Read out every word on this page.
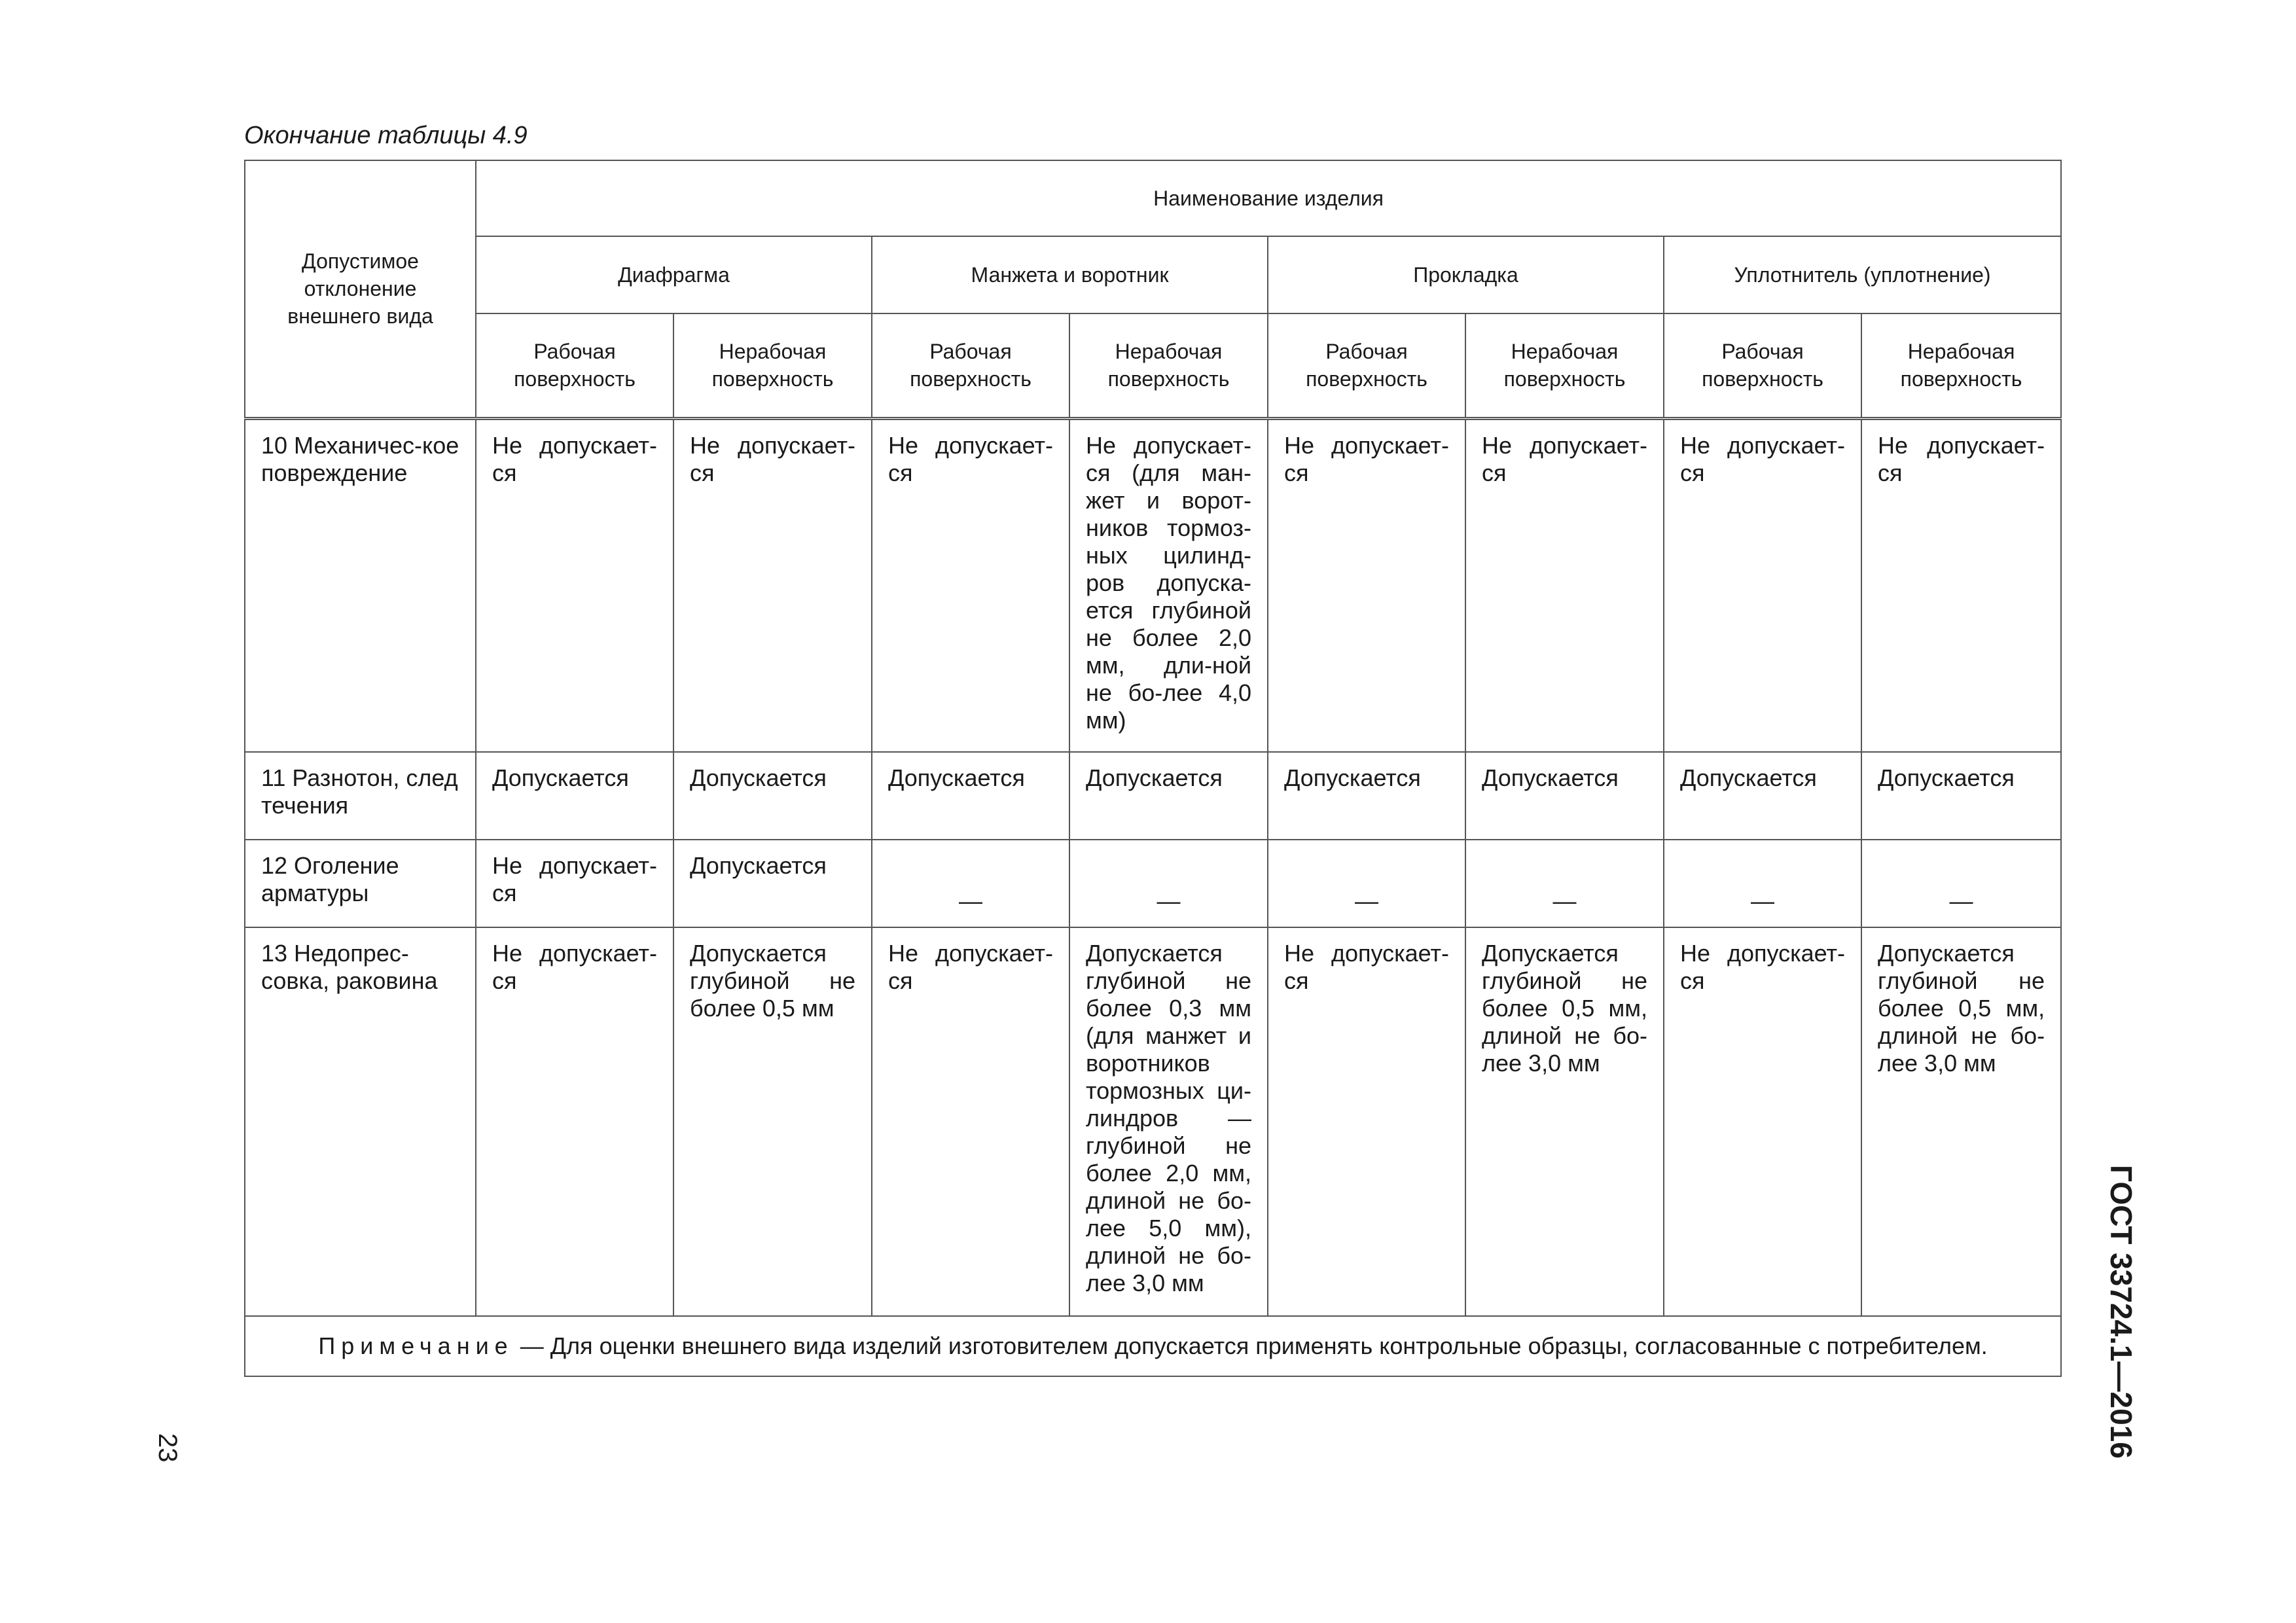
Окончание таблицы 4.9
Допустимое отклонение внешнего вида	Наименование изделия							
	Диафрагма		Манжета и воротник		Прокладка		Уплотнитель (уплотнение)	
	Рабочая поверхность	Нерабочая поверхность	Рабочая поверхность	Нерабочая поверхность	Рабочая поверхность	Нерабочая поверхность	Рабочая поверхность	Нерабочая поверхность
10 Механичес-кое повреждение	Не допускает-ся	Не допускает-ся	Не допускает-ся	Не допускает-ся (для ман-жет и ворот-ников тормоз-ных цилинд-ров допуска-ется глубиной не более 2,0 мм, дли-ной не бо-лее 4,0 мм)	Не допускает-ся	Не допускает-ся	Не допускает-ся	Не допускает-ся
11 Разнотон, след течения	Допускается	Допускается	Допускается	Допускается	Допускается	Допускается	Допускается	Допускается
12 Оголение арматуры	Не допускает-ся	Допускается	—	—	—	—	—	—
13 Недопрес-совка, раковина	Не допускает-ся	Допускается глубиной не более 0,5 мм	Не допускает-ся	Допускается глубиной не более 0,3 мм (для манжет и воротников тормозных ци-линдров — глубиной не более 2,0 мм, длиной не бо-лее 5,0 мм), длиной не бо-лее 3,0 мм	Не допускает-ся	Допускается глубиной не более 0,5 мм, длиной не бо-лее 3,0 мм	Не допускает-ся	Допускается глубиной не более 0,5 мм, длиной не бо-лее 3,0 мм
Примечание — Для оценки внешнего вида изделий изготовителем допускается применять контрольные образцы, согласованные с потребителем.								
23	ГОСТ 33724.1—2016
